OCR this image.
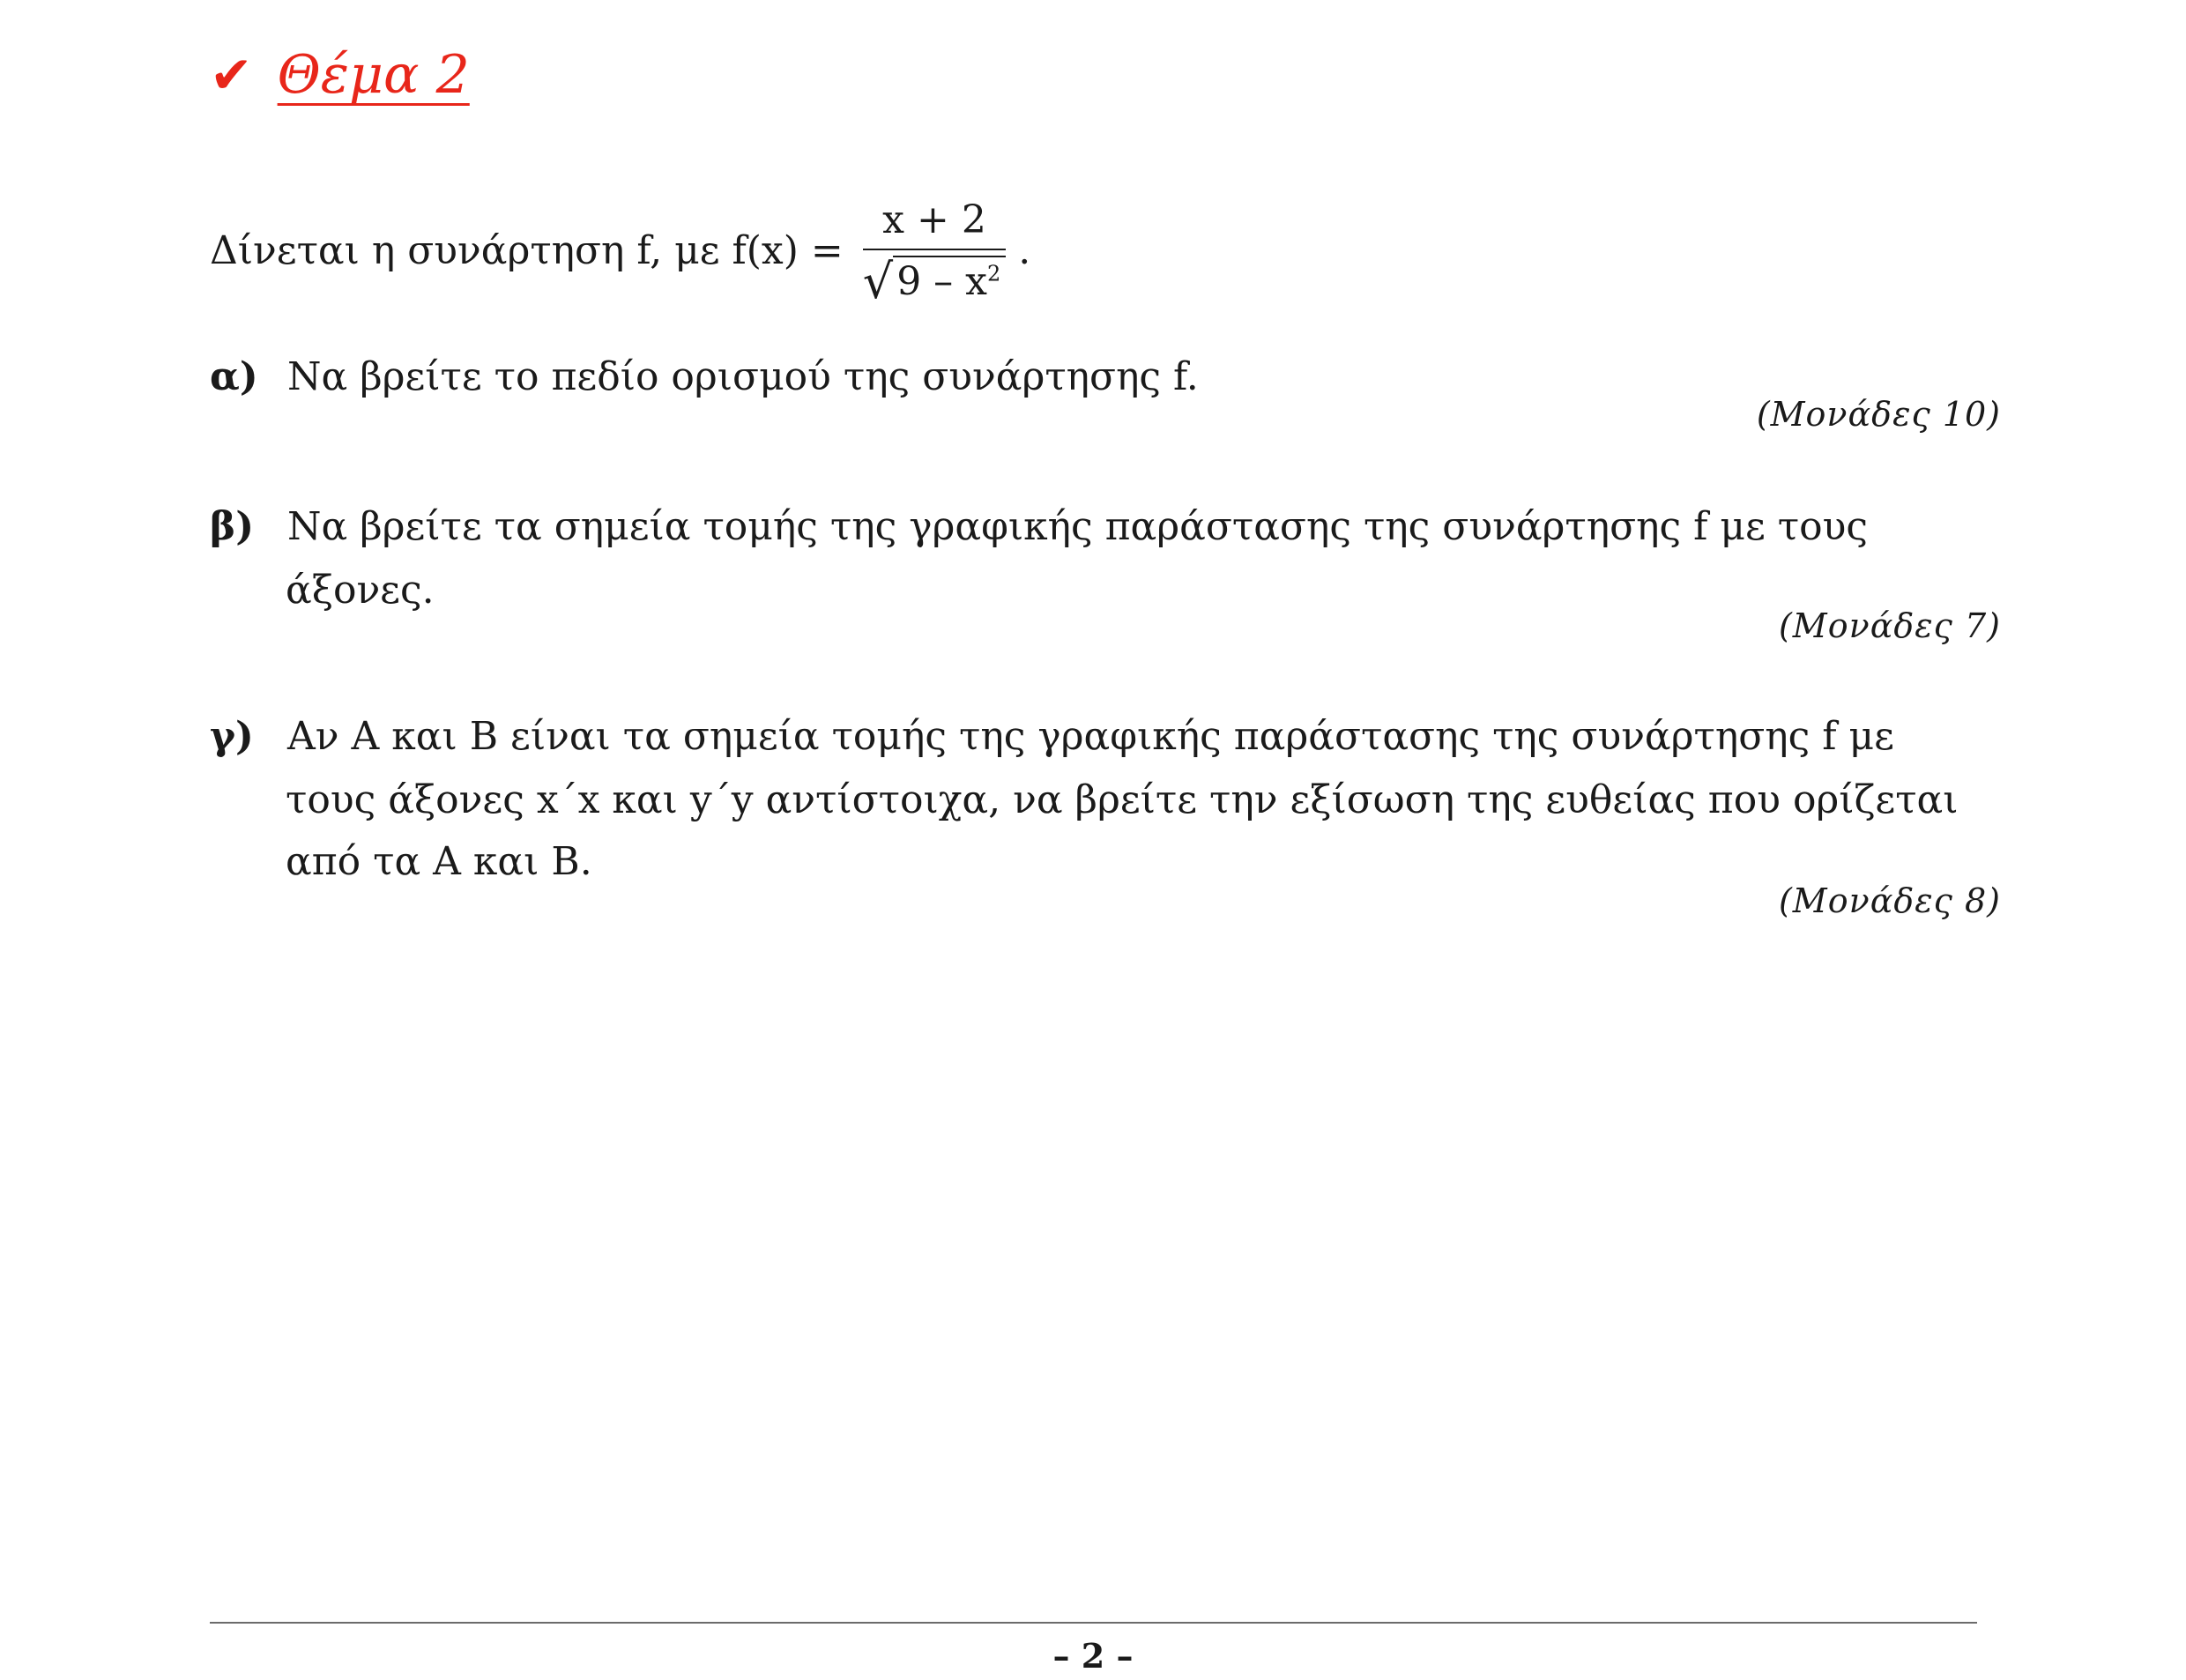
✔ Θέμα 2
Δίνεται η συνάρτηση f, με $f(x) = \frac{x + 2}{√ 9 - x^2}$ .
α) Να βρείτε το πεδίο ορισμού της συνάρτησης f.
(Μονάδες 10)
β) Να βρείτε τα σημεία τομής της γραφικής παράστασης της συνάρτησης f με τους
άξονες.
(Μονάδες 7)
γ) Αν Α και Β είναι τα σημεία τομής της γραφικής παράστασης της συνάρτησης f με
τους άξονες x΄x και y΄y αντίστοιχα, να βρείτε την εξίσωση της ευθείας που ορίζεται
από τα Α και Β.
(Μονάδες 8)
– 2 –
